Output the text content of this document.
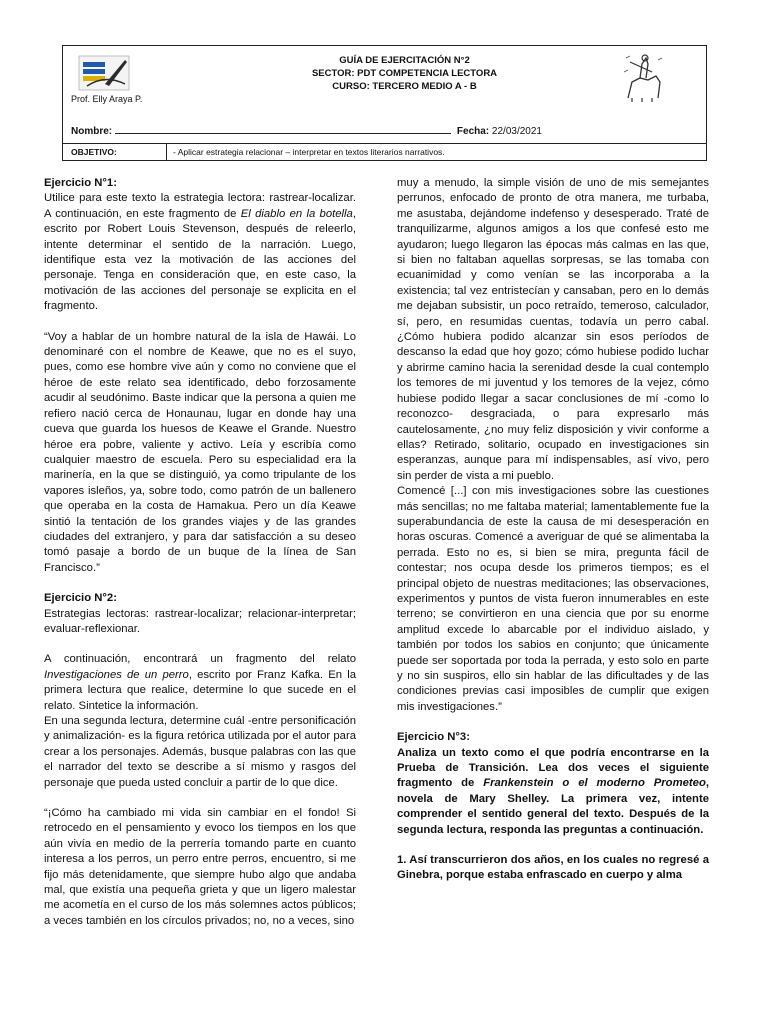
Prof. Elly Araya P.
GUÍA DE EJERCITACIÓN N°2
SECTOR: PDT COMPETENCIA LECTORA
CURSO: TERCERO MEDIO A - B
Nombre:	Fecha: 22/03/2021
OBJETIVO:	- Aplicar estrategia relacionar – interpretar en textos literarios narrativos.
Ejercicio N°1:

Utilice para este texto la estrategia lectora: rastrear-localizar. A continuación, en este fragmento de El diablo en la botella, escrito por Robert Louis Stevenson, después de releerlo, intente determinar el sentido de la narración. Luego, identifique esta vez la motivación de las acciones del personaje. Tenga en consideración que, en este caso, la motivación de las acciones del personaje se explicita en el fragmento.

“Voy a hablar de un hombre natural de la isla de Hawái. Lo denominaré con el nombre de Keawe, que no es el suyo, pues, como ese hombre vive aún y como no conviene que el héroe de este relato sea identificado, debo forzosamente acudir al seudónimo. Baste indicar que la persona a quien me refiero nació cerca de Honaunau, lugar en donde hay una cueva que guarda los huesos de Keawe el Grande. Nuestro héroe era pobre, valiente y activo. Leía y escribía como cualquier maestro de escuela. Pero su especialidad era la marinería, en la que se distinguió, ya como tripulante de los vapores isleños, ya, sobre todo, como patrón de un ballenero que operaba en la costa de Hamakua. Pero un día Keawe sintió la tentación de los grandes viajes y de las grandes ciudades del extranjero, y para dar satisfacción a su deseo tomó pasaje a bordo de un buque de la línea de San Francisco.”

Ejercicio N°2:

Estrategias lectoras: rastrear-localizar; relacionar-interpretar; evaluar-reflexionar.

A continuación, encontrará un fragmento del relato Investigaciones de un perro, escrito por Franz Kafka. En la primera lectura que realice, determine lo que sucede en el relato. Sintetice la información.

En una segunda lectura, determine cuál -entre personificación y animalización- es la figura retórica utilizada por el autor para crear a los personajes. Además, busque palabras con las que el narrador del texto se describe a sí mismo y rasgos del personaje que pueda usted concluir a partir de lo que dice.

“¡Cómo ha cambiado mi vida sin cambiar en el fondo! Si retrocedo en el pensamiento y evoco los tiempos en los que aún vivía en medio de la perrería tomando parte en cuanto interesa a los perros, un perro entre perros, encuentro, si me fijo más detenidamente, que siempre hubo algo que andaba mal, que existía una pequeña grieta y que un ligero malestar me acometía en el curso de los más solemnes actos públicos; a veces también en los círculos privados; no, no a veces, sino

muy a menudo, la simple visión de uno de mis semejantes perrunos, enfocado de pronto de otra manera, me turbaba, me asustaba, dejándome indefenso y desesperado. Traté de tranquilizarme, algunos amigos a los que confesé esto me ayudaron; luego llegaron las épocas más calmas en las que, si bien no faltaban aquellas sorpresas, se las tomaba con ecuanimidad y como venían se las incorporaba a la existencia; tal vez entristecían y cansaban, pero en lo demás me dejaban subsistir, un poco retraído, temeroso, calculador, sí, pero, en resumidas cuentas, todavía un perro cabal. ¿Cómo hubiera podido alcanzar sin esos períodos de descanso la edad que hoy gozo; cómo hubiese podido luchar y abrirme camino hacia la serenidad desde la cual contemplo los temores de mi juventud y los temores de la vejez, cómo hubiese podido llegar a sacar conclusiones de mí -como lo reconozco- desgraciada, o para expresarlo más cautelosamente, ¿no muy feliz disposición y vivir conforme a ellas? Retirado, solitario, ocupado en investigaciones sin esperanzas, aunque para mí indispensables, así vivo, pero sin perder de vista a mi pueblo.

Comencé [...] con mis investigaciones sobre las cuestiones más sencillas; no me faltaba material; lamentablemente fue la superabundancia de este la causa de mi desesperación en horas oscuras. Comencé a averiguar de qué se alimentaba la perrada. Esto no es, si bien se mira, pregunta fácil de contestar; nos ocupa desde los primeros tiempos; es el principal objeto de nuestras meditaciones; las observaciones, experimentos y puntos de vista fueron innumerables en este terreno; se convirtieron en una ciencia que por su enorme amplitud excede lo abarcable por el individuo aislado, y también por todos los sabios en conjunto; que únicamente puede ser soportada por toda la perrada, y esto solo en parte y no sin suspiros, ello sin hablar de las dificultades y de las condiciones previas casi imposibles de cumplir que exigen mis investigaciones.”

Ejercicio N°3:

Analiza un texto como el que podría encontrarse en la Prueba de Transición. Lea dos veces el siguiente fragmento de Frankenstein o el moderno Prometeo, novela de Mary Shelley. La primera vez, intente comprender el sentido general del texto. Después de la segunda lectura, responda las preguntas a continuación.

1. Así transcurrieron dos años, en los cuales no regresé a Ginebra, porque estaba enfrascado en cuerpo y alma
